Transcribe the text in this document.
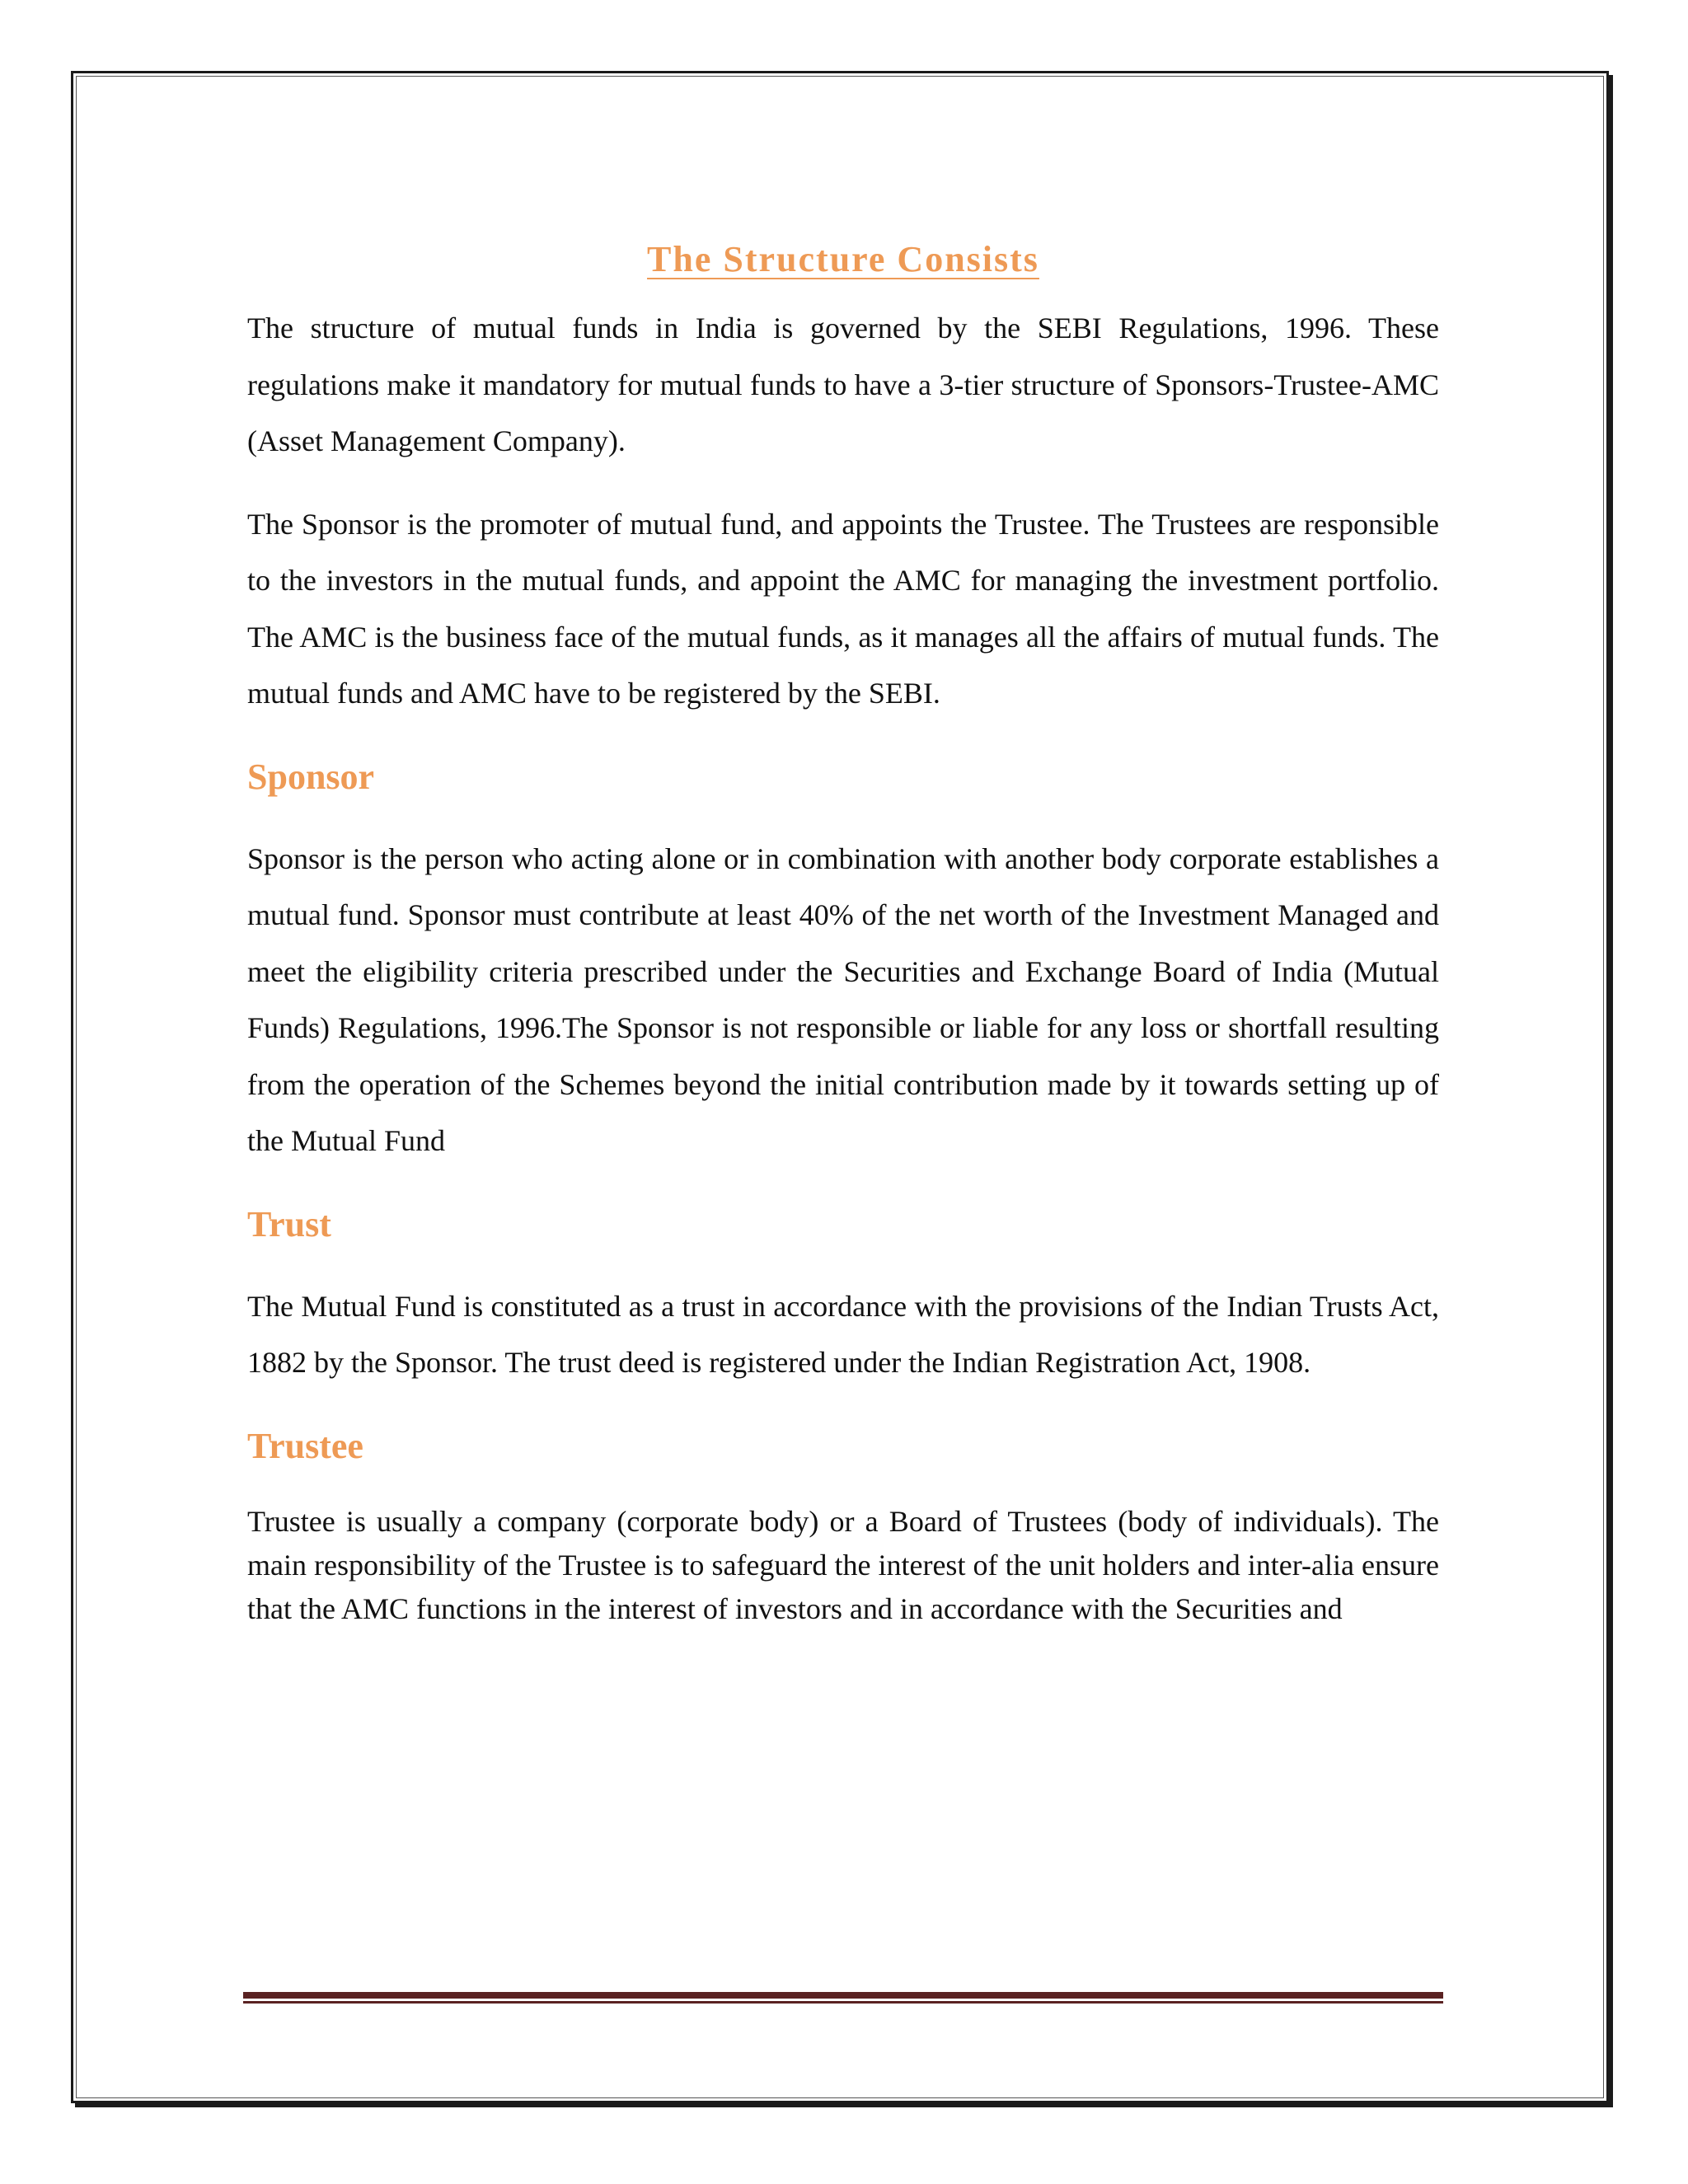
The Structure Consists

The structure of mutual funds in India is governed by the SEBI Regulations, 1996. These regulations make it mandatory for mutual funds to have a 3-tier structure of Sponsors-Trustee-AMC (Asset Management Company).

The Sponsor is the promoter of mutual fund, and appoints the Trustee. The Trustees are responsible to the investors in the mutual funds, and appoint the AMC for managing the investment portfolio. The AMC is the business face of the mutual funds, as it manages all the affairs of mutual funds. The mutual funds and AMC have to be registered by the SEBI.

Sponsor

Sponsor is the person who acting alone or in combination with another body corporate establishes a mutual fund. Sponsor must contribute at least 40% of the net worth of the Investment Managed and meet the eligibility criteria prescribed under the Securities and Exchange Board of India (Mutual Funds) Regulations, 1996.The Sponsor is not responsible or liable for any loss or shortfall resulting from the operation of the Schemes beyond the initial contribution made by it towards setting up of the Mutual Fund

Trust

The Mutual Fund is constituted as a trust in accordance with the provisions of the Indian Trusts Act, 1882 by the Sponsor. The trust deed is registered under the Indian Registration Act, 1908.

Trustee

Trustee is usually a company (corporate body) or a Board of Trustees (body of individuals). The main responsibility of the Trustee is to safeguard the interest of the unit holders and inter-alia ensure that the AMC functions in the interest of investors and in accordance with the Securities and
